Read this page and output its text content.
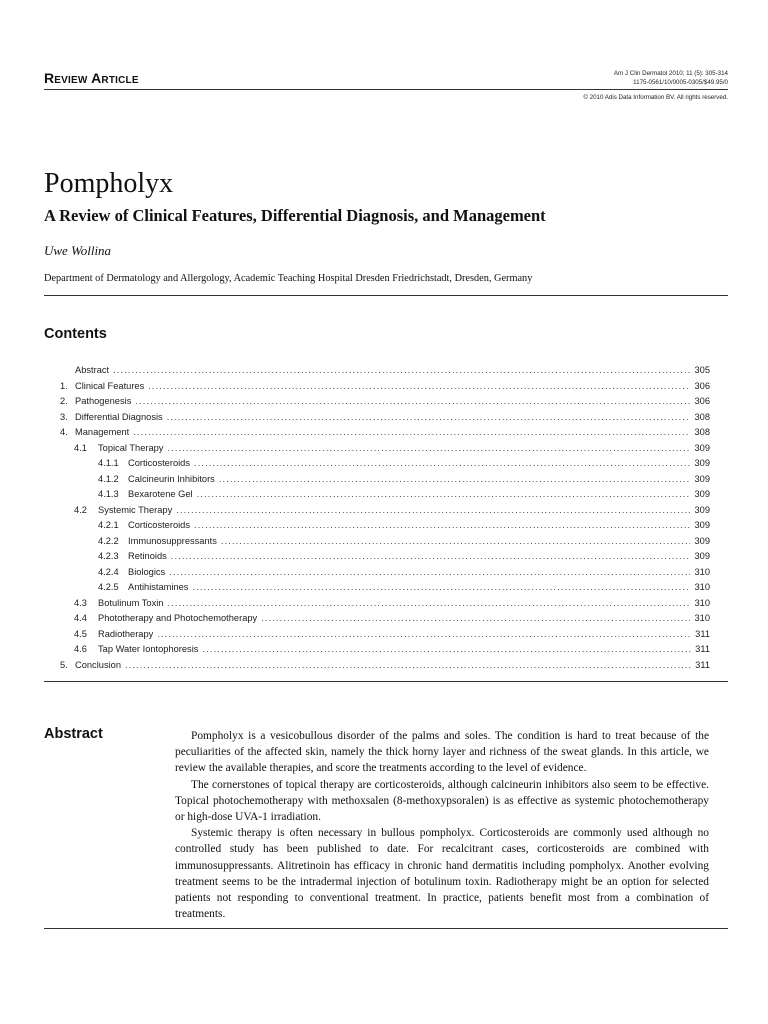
Review Article	Am J Clin Dermatol 2010; 11 (5): 305-314
1175-0561/10/0005-0305/$49.95/0
© 2010 Adis Data Information BV. All rights reserved.
Pompholyx
A Review of Clinical Features, Differential Diagnosis, and Management
Uwe Wollina
Department of Dermatology and Allergology, Academic Teaching Hospital Dresden Friedrichstadt, Dresden, Germany
Contents
Abstract .....	305
1. Clinical Features .....	306
2. Pathogenesis .....	306
3. Differential Diagnosis .....	308
4. Management .....	308
4.1	Topical Therapy .....	309
4.1.1	Corticosteroids .....	309
4.1.2	Calcineurin Inhibitors .....	309
4.1.3	Bexarotene Gel .....	309
4.2	Systemic Therapy .....	309
4.2.1	Corticosteroids .....	309
4.2.2	Immunosuppressants .....	309
4.2.3	Retinoids .....	309
4.2.4	Biologics .....	310
4.2.5	Antihistamines .....	310
4.3	Botulinum Toxin .....	310
4.4	Phototherapy and Photochemotherapy .....	310
4.5	Radiotherapy .....	311
4.6	Tap Water Iontophoresis .....	311
5. Conclusion .....	311
Abstract	Pompholyx is a vesicobullous disorder of the palms and soles. The condition is hard to treat because of the peculiarities of the affected skin, namely the thick horny layer and richness of the sweat glands. In this article, we review the available therapies, and score the treatments according to the level of evidence.

The cornerstones of topical therapy are corticosteroids, although calcineurin inhibitors also seem to be effective. Topical photochemotherapy with methoxsalen (8-methoxypsoralen) is as effective as systemic photochemotherapy or high-dose UVA-1 irradiation.

Systemic therapy is often necessary in bullous pompholyx. Corticosteroids are commonly used although no controlled study has been published to date. For recalcitrant cases, corticosteroids are combined with immunosuppressants. Alitretinoin has efficacy in chronic hand dermatitis including pompholyx. Another evolving treatment seems to be the intradermal injection of botulinum toxin. Radiotherapy might be an option for selected patients not responding to conventional treatment. In practice, patients benefit most from a combination of treatments.
